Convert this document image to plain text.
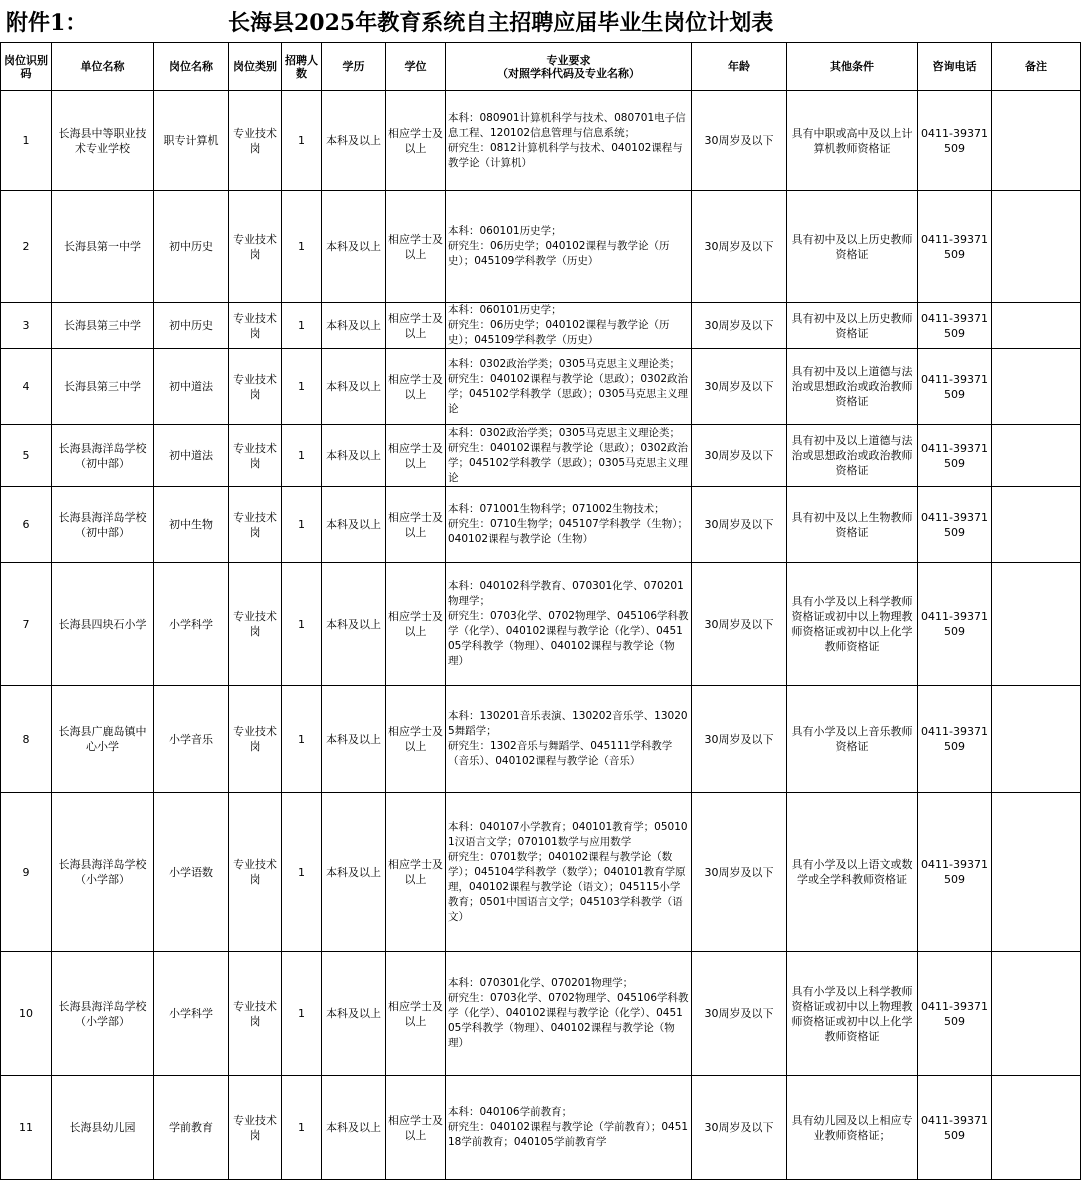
附件1：	长海县2025年教育系统自主招聘应届毕业生岗位计划表
岗位识别码	单位名称	岗位名称	岗位类别	招聘人数	学历	学位	专业要求
（对照学科代码及专业名称）	年龄	其他条件	咨询电话	备注
1	长海县中等职业技术专业学校	职专计算机	专业技术岗	1	本科及以上	相应学士及以上	本科：080901计算机科学与技术、080701电子信息工程、120102信息管理与信息系统；
研究生：0812计算机科学与技术、040102课程与教学论（计算机）	30周岁及以下	具有中职或高中及以上计算机教师资格证	0411-39371509	
2	长海县第一中学	初中历史	专业技术岗	1	本科及以上	相应学士及以上	本科：060101历史学；
研究生：06历史学；040102课程与教学论（历史）；045109学科教学（历史）	30周岁及以下	具有初中及以上历史教师资格证	0411-39371509	
3	长海县第三中学	初中历史	专业技术岗	1	本科及以上	相应学士及以上	本科：060101历史学；
研究生：06历史学；040102课程与教学论（历史）；045109学科教学（历史）	30周岁及以下	具有初中及以上历史教师资格证	0411-39371509	
4	长海县第三中学	初中道法	专业技术岗	1	本科及以上	相应学士及以上	本科：0302政治学类；0305马克思主义理论类；　　　研究生：040102课程与教学论（思政）；0302政治学；045102学科教学（思政）；0305马克思主义理论	30周岁及以下	具有初中及以上道德与法治或思想政治或政治教师资格证	0411-39371509	
5	长海县海洋岛学校（初中部）	初中道法	专业技术岗	1	本科及以上	相应学士及以上	本科：0302政治学类；0305马克思主义理论类；　　　研究生：040102课程与教学论（思政）；0302政治学；045102学科教学（思政）；0305马克思主义理论	30周岁及以下	具有初中及以上道德与法治或思想政治或政治教师资格证	0411-39371509	
6	长海县海洋岛学校（初中部）	初中生物	专业技术岗	1	本科及以上	相应学士及以上	本科：071001生物科学；071002生物技术；
研究生：0710生物学；045107学科教学（生物）；040102课程与教学论（生物）	30周岁及以下	具有初中及以上生物教师资格证	0411-39371509	
7	长海县四块石小学	小学科学	专业技术岗	1	本科及以上	相应学士及以上	本科：040102科学教育、070301化学、070201物理学；
研究生：0703化学、0702物理学、045106学科教学（化学）、040102课程与教学论（化学）、045105学科教学（物理）、040102课程与教学论（物理）	30周岁及以下	具有小学及以上科学教师资格证或初中以上物理教师资格证或初中以上化学教师资格证	0411-39371509	
8	长海县广鹿岛镇中心小学	小学音乐	专业技术岗	1	本科及以上	相应学士及以上	本科：130201音乐表演、130202音乐学、130205舞蹈学；
研究生：1302音乐与舞蹈学、045111学科教学（音乐）、040102课程与教学论（音乐）	30周岁及以下	具有小学及以上音乐教师资格证	0411-39371509	
9	长海县海洋岛学校（小学部）	小学语数	专业技术岗	1	本科及以上	相应学士及以上	本科：040107小学教育；040101教育学；050101汉语言文学；070101数学与应用数学
研究生：0701数学；040102课程与教学论（数学）；045104学科教学（数学）；040101教育学原理，040102课程与教学论（语文）；045115小学教育；0501中国语言文学；045103学科教学（语文）	30周岁及以下	具有小学及以上语文或数学或全学科教师资格证	0411-39371509	
10	长海县海洋岛学校（小学部）	小学科学	专业技术岗	1	本科及以上	相应学士及以上	本科：070301化学、070201物理学；
研究生：0703化学、0702物理学、045106学科教学（化学）、040102课程与教学论（化学）、045105学科教学（物理）、040102课程与教学论（物理）	30周岁及以下	具有小学及以上科学教师资格证或初中以上物理教师资格证或初中以上化学教师资格证	0411-39371509	
11	长海县幼儿园	学前教育	专业技术岗	1	本科及以上	相应学士及以上	本科：040106学前教育；
研究生：040102课程与教学论（学前教育）；045118学前教育；040105学前教育学	30周岁及以下	具有幼儿园及以上相应专业教师资格证；	0411-39371509	
